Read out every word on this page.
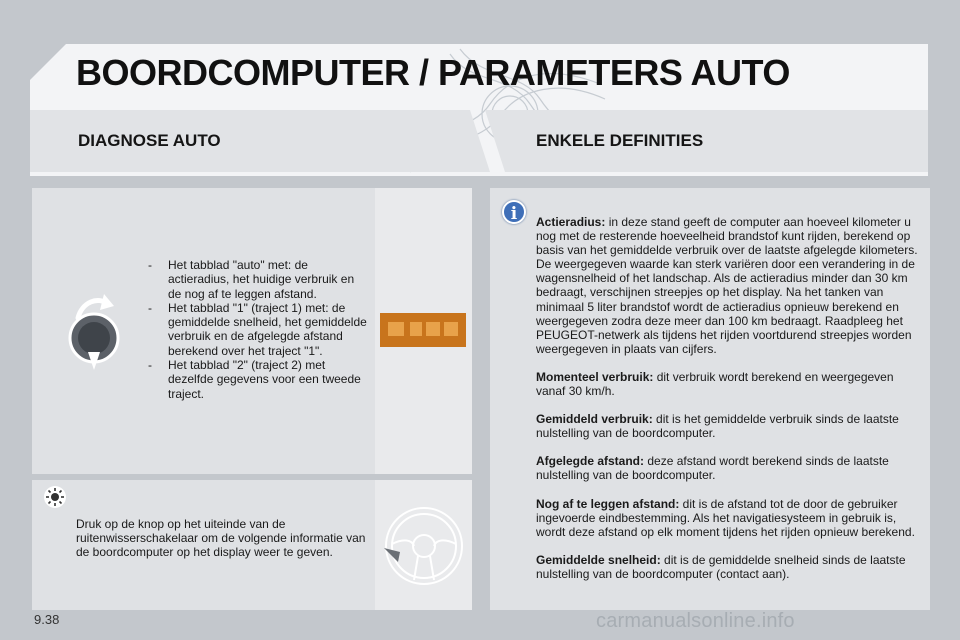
BOORDCOMPUTER / PARAMETERS AUTO
DIAGNOSE AUTO	ENKELE DEFINITIES
- Het tabblad "auto" met: de actieradius, het huidige verbruik en de nog af te leggen afstand.
- Het tabblad "1" (traject 1) met: de gemiddelde snelheid, het gemiddelde verbruik en de afgelegde afstand berekend over het traject "1".
- Het tabblad "2" (traject 2) met dezelfde gegevens voor een tweede traject.
Druk op de knop op het uiteinde van de ruitenwisserschakelaar om de volgende informatie van de boordcomputer op het display weer te geven.
i	Actieradius: in deze stand geeft de computer aan hoeveel kilometer u nog met de resterende hoeveelheid brandstof kunt rijden, berekend op basis van het gemiddelde verbruik over de laatste afgelegde kilometers. De weergegeven waarde kan sterk variëren door een verandering in de wagensnelheid of het landschap. Als de actieradius minder dan 30 km bedraagt, verschijnen streepjes op het display. Na het tanken van minimaal 5 liter brandstof wordt de actieradius opnieuw berekend en weergegeven zodra deze meer dan 100 km bedraagt. Raadpleeg het PEUGEOT-netwerk als tijdens het rijden voortdurend streepjes worden weergegeven in plaats van cijfers.
Momenteel verbruik: dit verbruik wordt berekend en weergegeven vanaf 30 km/h.
Gemiddeld verbruik: dit is het gemiddelde verbruik sinds de laatste nulstelling van de boordcomputer.
Afgelegde afstand: deze afstand wordt berekend sinds de laatste nulstelling van de boordcomputer.
Nog af te leggen afstand: dit is de afstand tot de door de gebruiker ingevoerde eindbestemming. Als het navigatiesysteem in gebruik is, wordt deze afstand op elk moment tijdens het rijden opnieuw berekend.
Gemiddelde snelheid: dit is de gemiddelde snelheid sinds de laatste nulstelling van de boordcomputer (contact aan).
9.38	carmanualsonline.info
